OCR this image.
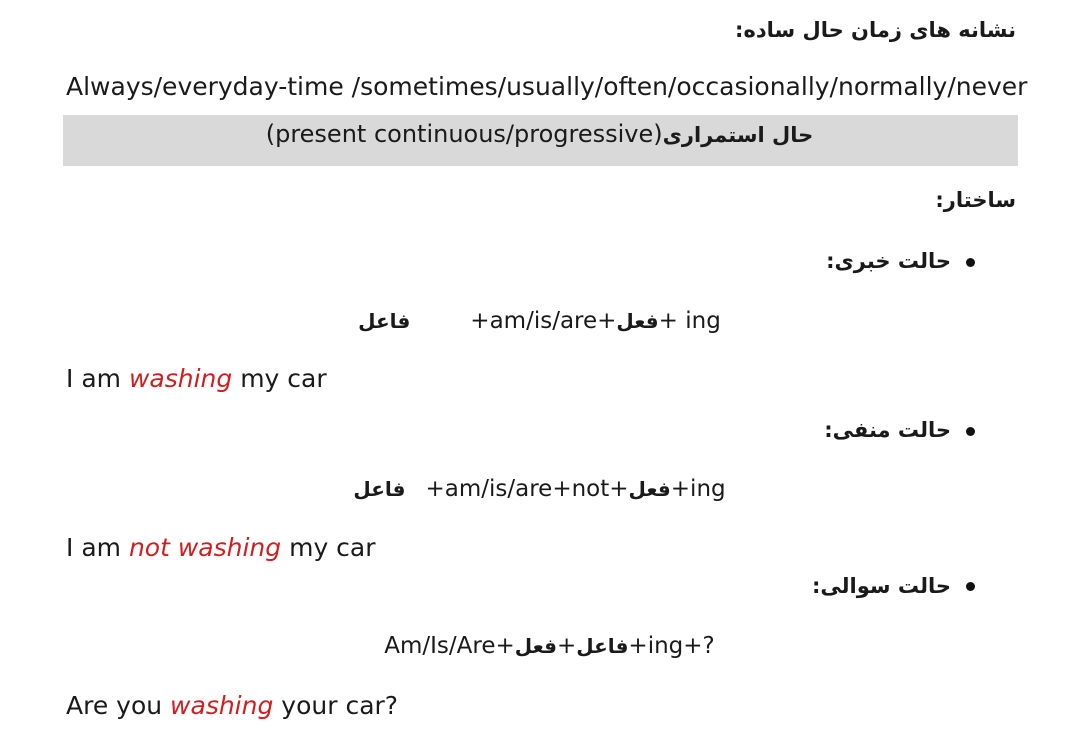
نشانه های زمان حال ساده:
Always/everyday-time /sometimes/usually/often/occasionally/normally/never
(present continuous/progressive)حال استمراری
ساختار:
حالت خبری:
فاعل	+am/is/are+فعل+ ing
I am washing my car
حالت منفی:
فاعل +am/is/are+not+فعل+ing
I am not washing my car
حالت سوالی:
Am/Is/Are+	فاعل+فعل	+ing+?
Are you washing your car?
